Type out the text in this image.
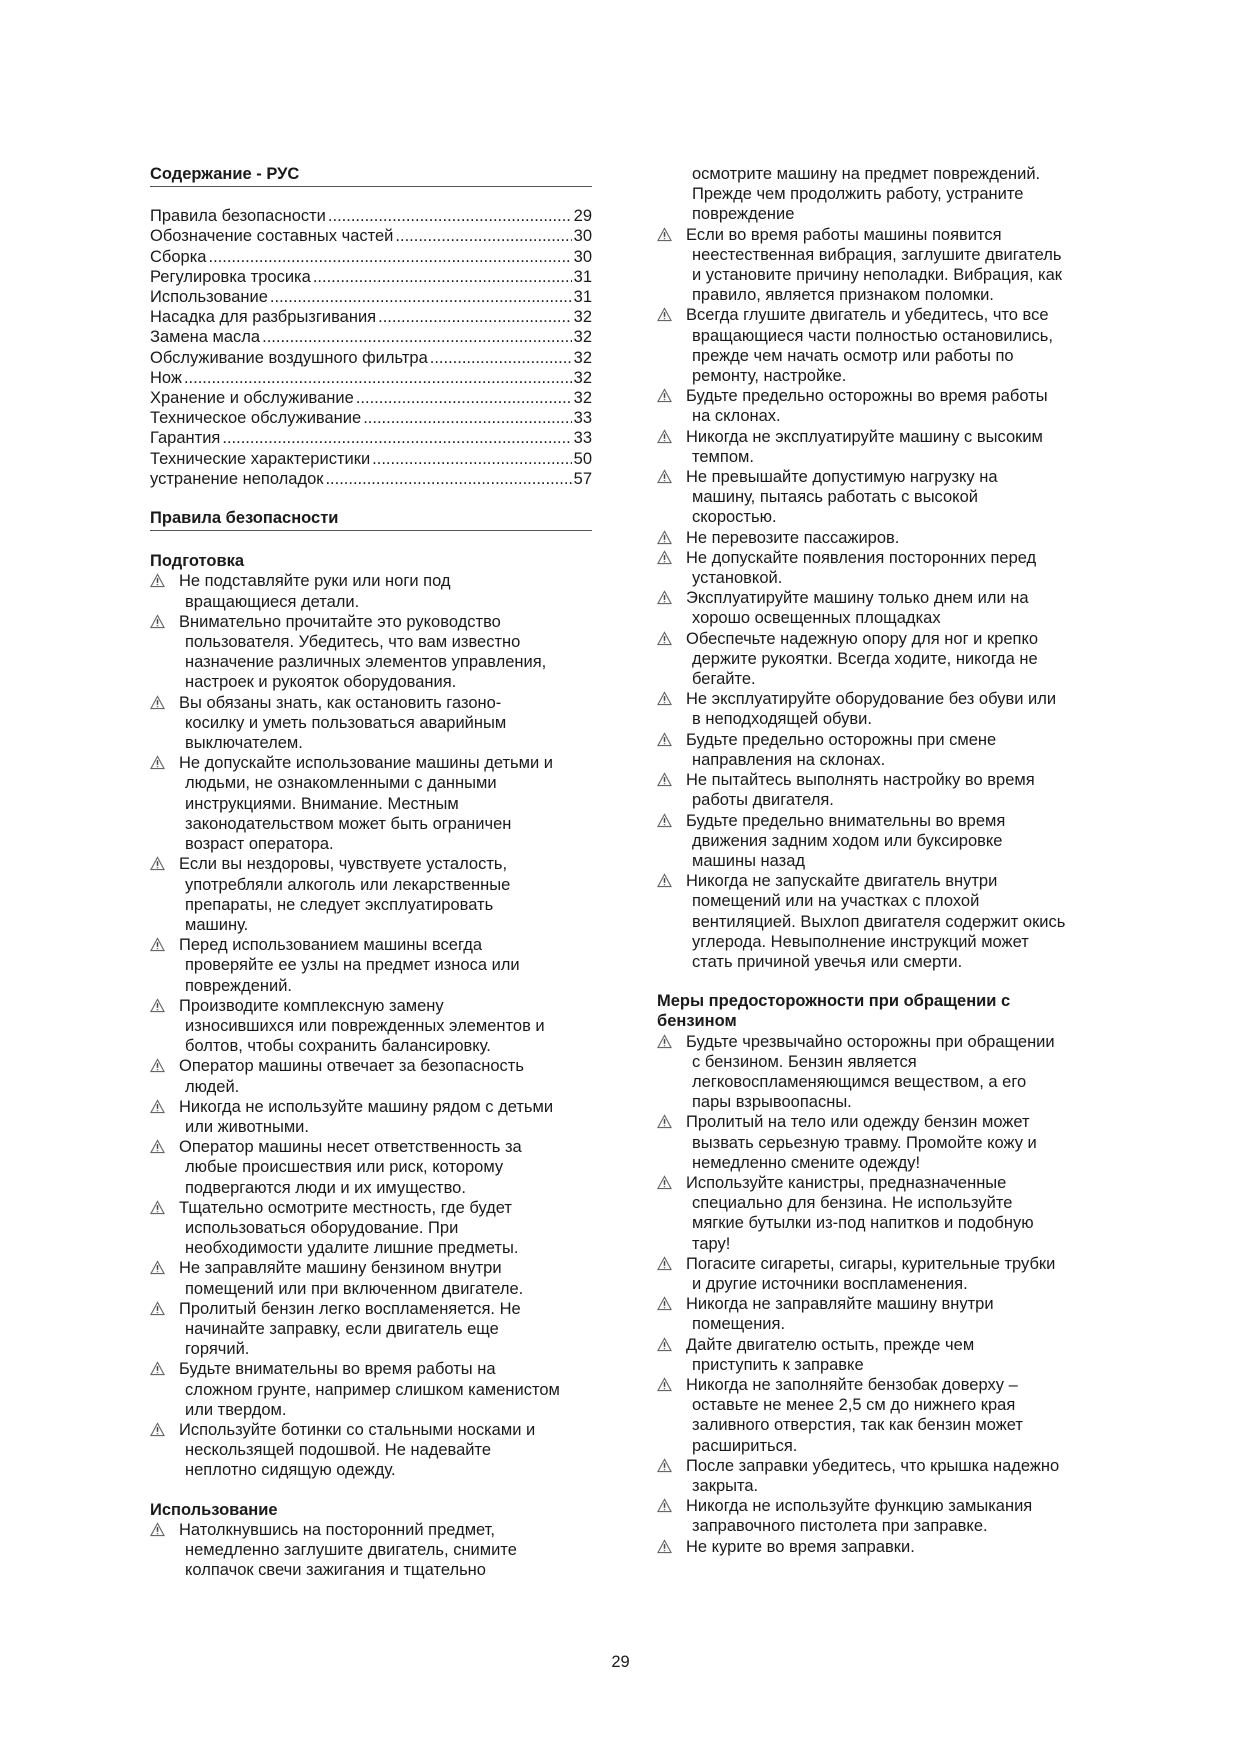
Содержание - РУС
Правила безопасности .....	29
Обозначение составных частей .....	30
Сборка .....	30
Регулировка тросика .....	31
Использование .....	31
Насадка для разбрызгивания .....	32
Замена масла .....	32
Обслуживание воздушного фильтра .....	32
Нож .....	32
Хранение и обслуживание .....	32
Техническое обслуживание .....	33
Гарантия .....	33
Технические характеристики .....	50
устранение неполадок .....	57
Правила безопасности
Подготовка
Не подставляйте руки или ноги под
вращающиеся детали.
Внимательно прочитайте это руководство
пользователя. Убедитесь, что вам известно
назначение различных элементов управления,
настроек и рукояток оборудования.
Вы обязаны знать, как остановить газоно-
косилку и уметь пользоваться аварийным
выключателем.
Не допускайте использование машины детьми и
людьми, не ознакомленными с данными
инструкциями. Внимание. Местным
законодательством может быть ограничен
возраст оператора.
Если вы нездоровы, чувствуете усталость,
употребляли алкоголь или лекарственные
препараты, не следует эксплуатировать
машину.
Перед использованием машины всегда
проверяйте ее узлы на предмет износа или
повреждений.
Производите комплексную замену
износившихся или поврежденных элементов и
болтов, чтобы сохранить балансировку.
Оператор машины отвечает за безопасность
людей.
Никогда не используйте машину рядом с детьми
или животными.
Оператор машины несет ответственность за
любые происшествия или риск, которому
подвергаются люди и их имущество.
Тщательно осмотрите местность, где будет
использоваться оборудование. При
необходимости удалите лишние предметы.
Не заправляйте машину бензином внутри
помещений или при включенном двигателе.
Пролитый бензин легко воспламеняется. Не
начинайте заправку, если двигатель еще
горячий.
Будьте внимательны во время работы на
сложном грунте, например слишком каменистом
или твердом.
Используйте ботинки со стальными носками и
нескользящей подошвой. Не надевайте
неплотно сидящую одежду.
Использование
Натолкнувшись на посторонний предмет,
немедленно заглушите двигатель, снимите
колпачок свечи зажигания и тщательно
осмотрите машину на предмет повреждений.
Прежде чем продолжить работу, устраните
повреждение
Если во время работы машины появится
неестественная вибрация, заглушите двигатель
и установите причину неполадки. Вибрация, как
правило, является признаком поломки.
Всегда глушите двигатель и убедитесь, что все
вращающиеся части полностью остановились,
прежде чем начать осмотр или работы по
ремонту, настройке.
Будьте предельно осторожны во время работы
на склонах.
Никогда не эксплуатируйте машину с высоким
темпом.
Не превышайте допустимую нагрузку на
машину, пытаясь работать с высокой
скоростью.
Не перевозите пассажиров.
Не допускайте появления посторонних перед
установкой.
Эксплуатируйте машину только днем или на
хорошо освещенных площадках
Обеспечьте надежную опору для ног и крепко
держите рукоятки. Всегда ходите, никогда не
бегайте.
Не эксплуатируйте оборудование без обуви или
в неподходящей обуви.
Будьте предельно осторожны при смене
направления на склонах.
Не пытайтесь выполнять настройку во время
работы двигателя.
Будьте предельно внимательны во время
движения задним ходом или буксировке
машины назад
Никогда не запускайте двигатель внутри
помещений или на участках с плохой
вентиляцией. Выхлоп двигателя содержит окись
углерода. Невыполнение инструкций может
стать причиной увечья или смерти.
Меры предосторожности при обращении с
бензином
Будьте чрезвычайно осторожны при обращении
с бензином. Бензин является
легковоспламеняющимся веществом, а его
пары взрывоопасны.
Пролитый на тело или одежду бензин может
вызвать серьезную травму. Промойте кожу и
немедленно смените одежду!
Используйте канистры, предназначенные
специально для бензина. Не используйте
мягкие бутылки из-под напитков и подобную
тару!
Погасите сигареты, сигары, курительные трубки
и другие источники воспламенения.
Никогда не заправляйте машину внутри
помещения.
Дайте двигателю остыть, прежде чем
приступить к заправке
Никогда не заполняйте бензобак доверху –
оставьте не менее 2,5 см до нижнего края
заливного отверстия, так как бензин может
расшириться.
После заправки убедитесь, что крышка надежно
закрыта.
Никогда не используйте функцию замыкания
заправочного пистолета при заправке.
Не курите во время заправки.
29
